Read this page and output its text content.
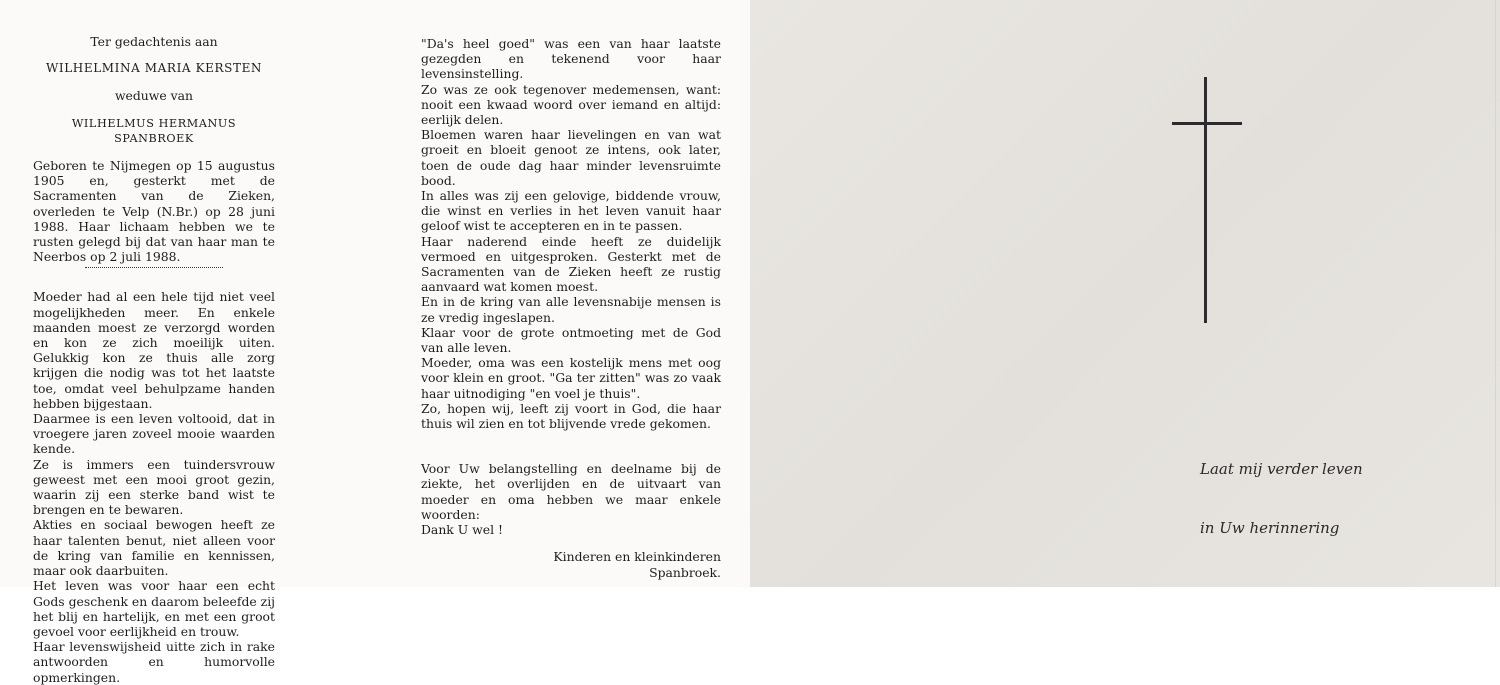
Ter gedachtenis aan

WILHELMINA MARIA KERSTEN

weduwe van

WILHELMUS HERMANUS SPANBROEK

Geboren te Nijmegen op 15 augustus 1905 en, gesterkt met de Sacramenten van de Zieken, overleden te Velp (N.Br.) op 28 juni 1988. Haar lichaam hebben we te rusten gelegd bij dat van haar man te Neerbos op 2 juli 1988.

Moeder had al een hele tijd niet veel mogelijkheden meer. En enkele maanden moest ze verzorgd worden en kon ze zich moeilijk uiten. Gelukkig kon ze thuis alle zorg krijgen die nodig was tot het laatste toe, omdat veel behulpzame handen hebben bijgestaan.

Daarmee is een leven voltooid, dat in vroegere jaren zoveel mooie waarden kende.

Ze is immers een tuindersvrouw geweest met een mooi groot gezin, waarin zij een sterke band wist te brengen en te bewaren.

Akties en sociaal bewogen heeft ze haar talenten benut, niet alleen voor de kring van familie en kennissen, maar ook daarbuiten.

Het leven was voor haar een echt Gods geschenk en daarom beleefde zij het blij en hartelijk, en met een groot gevoel voor eerlijkheid en trouw.

Haar levenswijsheid uitte zich in rake antwoorden en humorvolle opmerkingen.

"Da's heel goed" was een van haar laatste gezegden en tekenend voor haar levensinstelling.

Zo was ze ook tegenover medemensen, want: nooit een kwaad woord over iemand en altijd: eerlijk delen.

Bloemen waren haar lievelingen en van wat groeit en bloeit genoot ze intens, ook later, toen de oude dag haar minder levensruimte bood.

In alles was zij een gelovige, biddende vrouw, die winst en verlies in het leven vanuit haar geloof wist te accepteren en in te passen.

Haar naderend einde heeft ze duidelijk vermoed en uitgesproken. Gesterkt met de Sacramenten van de Zieken heeft ze rustig aanvaard wat komen moest.

En in de kring van alle levensnabije mensen is ze vredig ingeslapen.

Klaar voor de grote ontmoeting met de God van alle leven.

Moeder, oma was een kostelijk mens met oog voor klein en groot. "Ga ter zitten" was zo vaak haar uitnodiging "en voel je thuis".

Zo, hopen wij, leeft zij voort in God, die haar thuis wil zien en tot blijvende vrede gekomen.

Voor Uw belangstelling en deelname bij de ziekte, het overlijden en de uitvaart van moeder en oma hebben we maar enkele woorden:

Dank U wel !

Kinderen en kleinkinderen
Spanbroek.
Laat mij verder leven
in Uw herinnering
